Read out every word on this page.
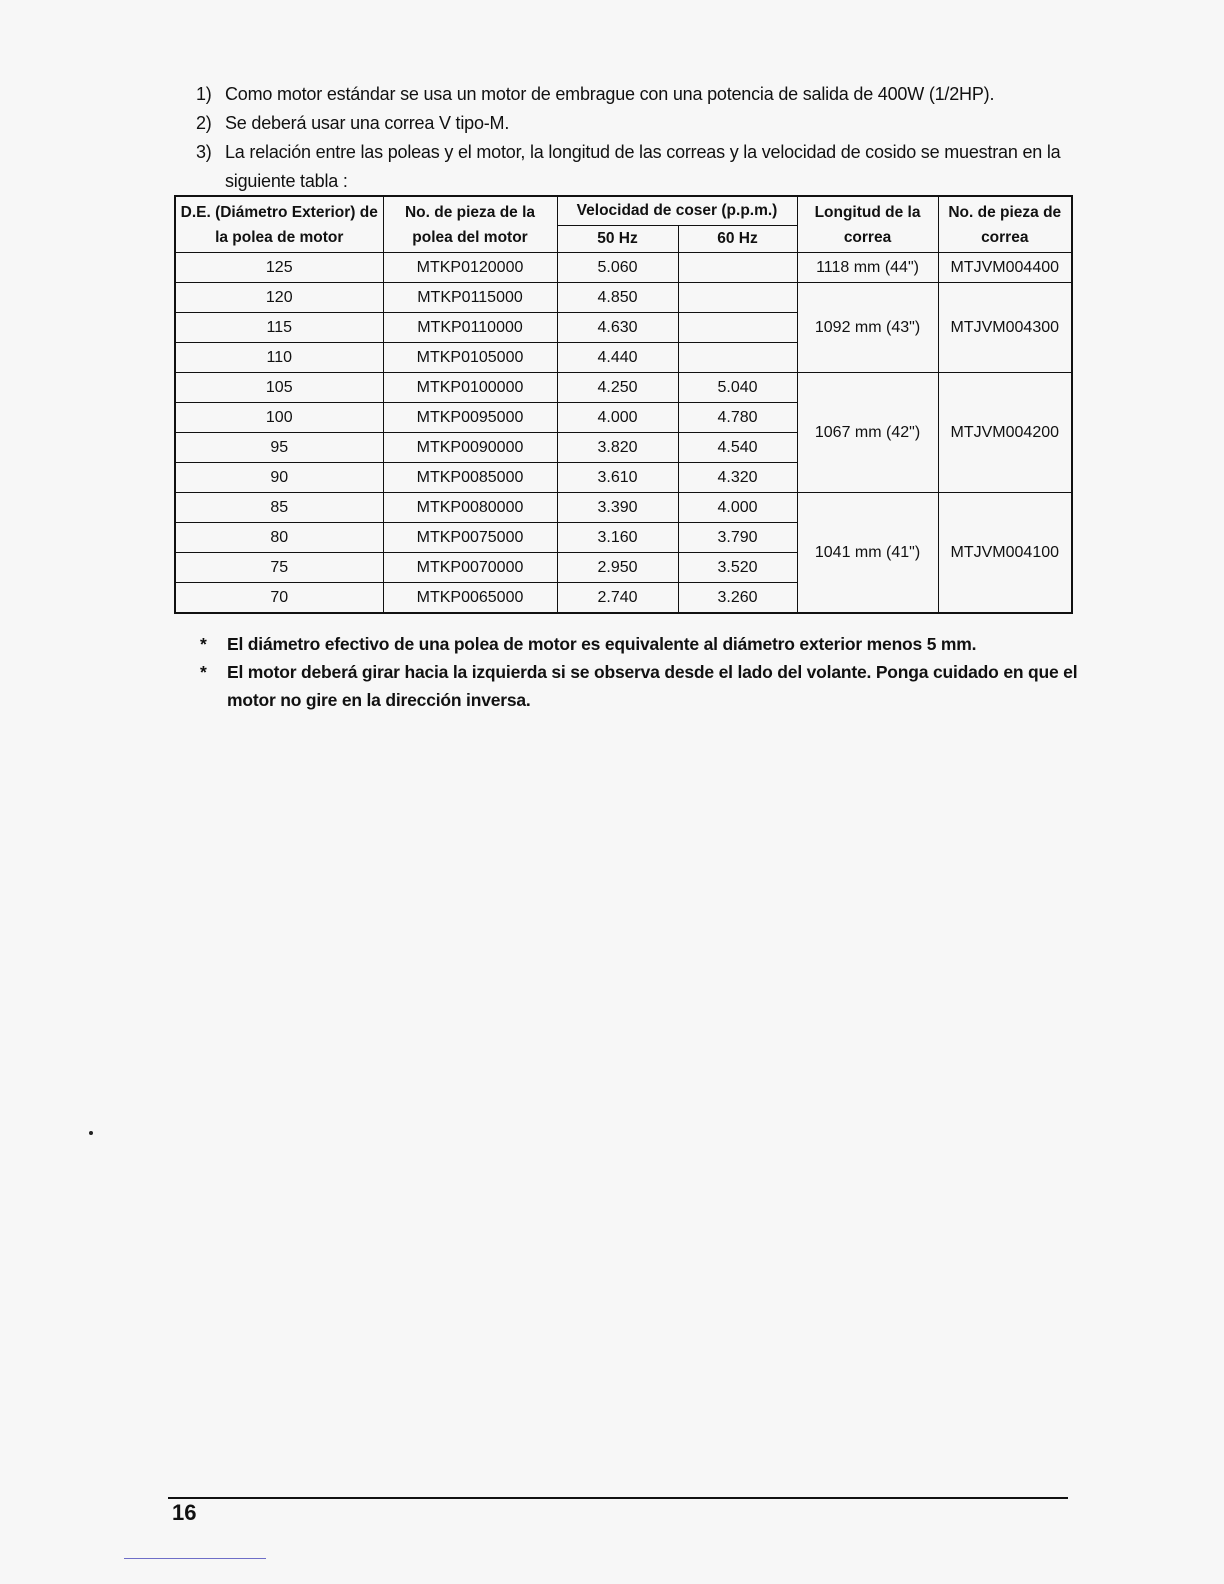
1) Como motor estándar se usa un motor de embrague con una potencia de salida de 400W (1/2HP).
2) Se deberá usar una correa V tipo-M.
3) La relación entre las poleas y el motor, la longitud de las correas y la velocidad de cosido se muestran en la siguiente tabla :
D.E. (Diámetro Exterior) de la polea de motor	No. de pieza de la polea del motor	Velocidad de coser (p.p.m.)		Longitud de la correa	No. de pieza de correa
		50 Hz	60 Hz		
125	MTKP0120000	5.060		1118 mm (44")	MTJVM004400
120	MTKP0115000	4.850		1092 mm (43")	MTJVM004300
115	MTKP0110000	4.630			
110	MTKP0105000	4.440			
105	MTKP0100000	4.250	5.040	1067 mm (42")	MTJVM004200
100	MTKP0095000	4.000	4.780		
95	MTKP0090000	3.820	4.540		
90	MTKP0085000	3.610	4.320		
85	MTKP0080000	3.390	4.000	1041 mm (41")	MTJVM004100
80	MTKP0075000	3.160	3.790		
75	MTKP0070000	2.950	3.520		
70	MTKP0065000	2.740	3.260		
*	El diámetro efectivo de una polea de motor es equivalente al diámetro exterior menos 5 mm.
*	El motor deberá girar hacia la izquierda si se observa desde el lado del volante. Ponga cuidado en que el motor no gire en la dirección inversa.
16
